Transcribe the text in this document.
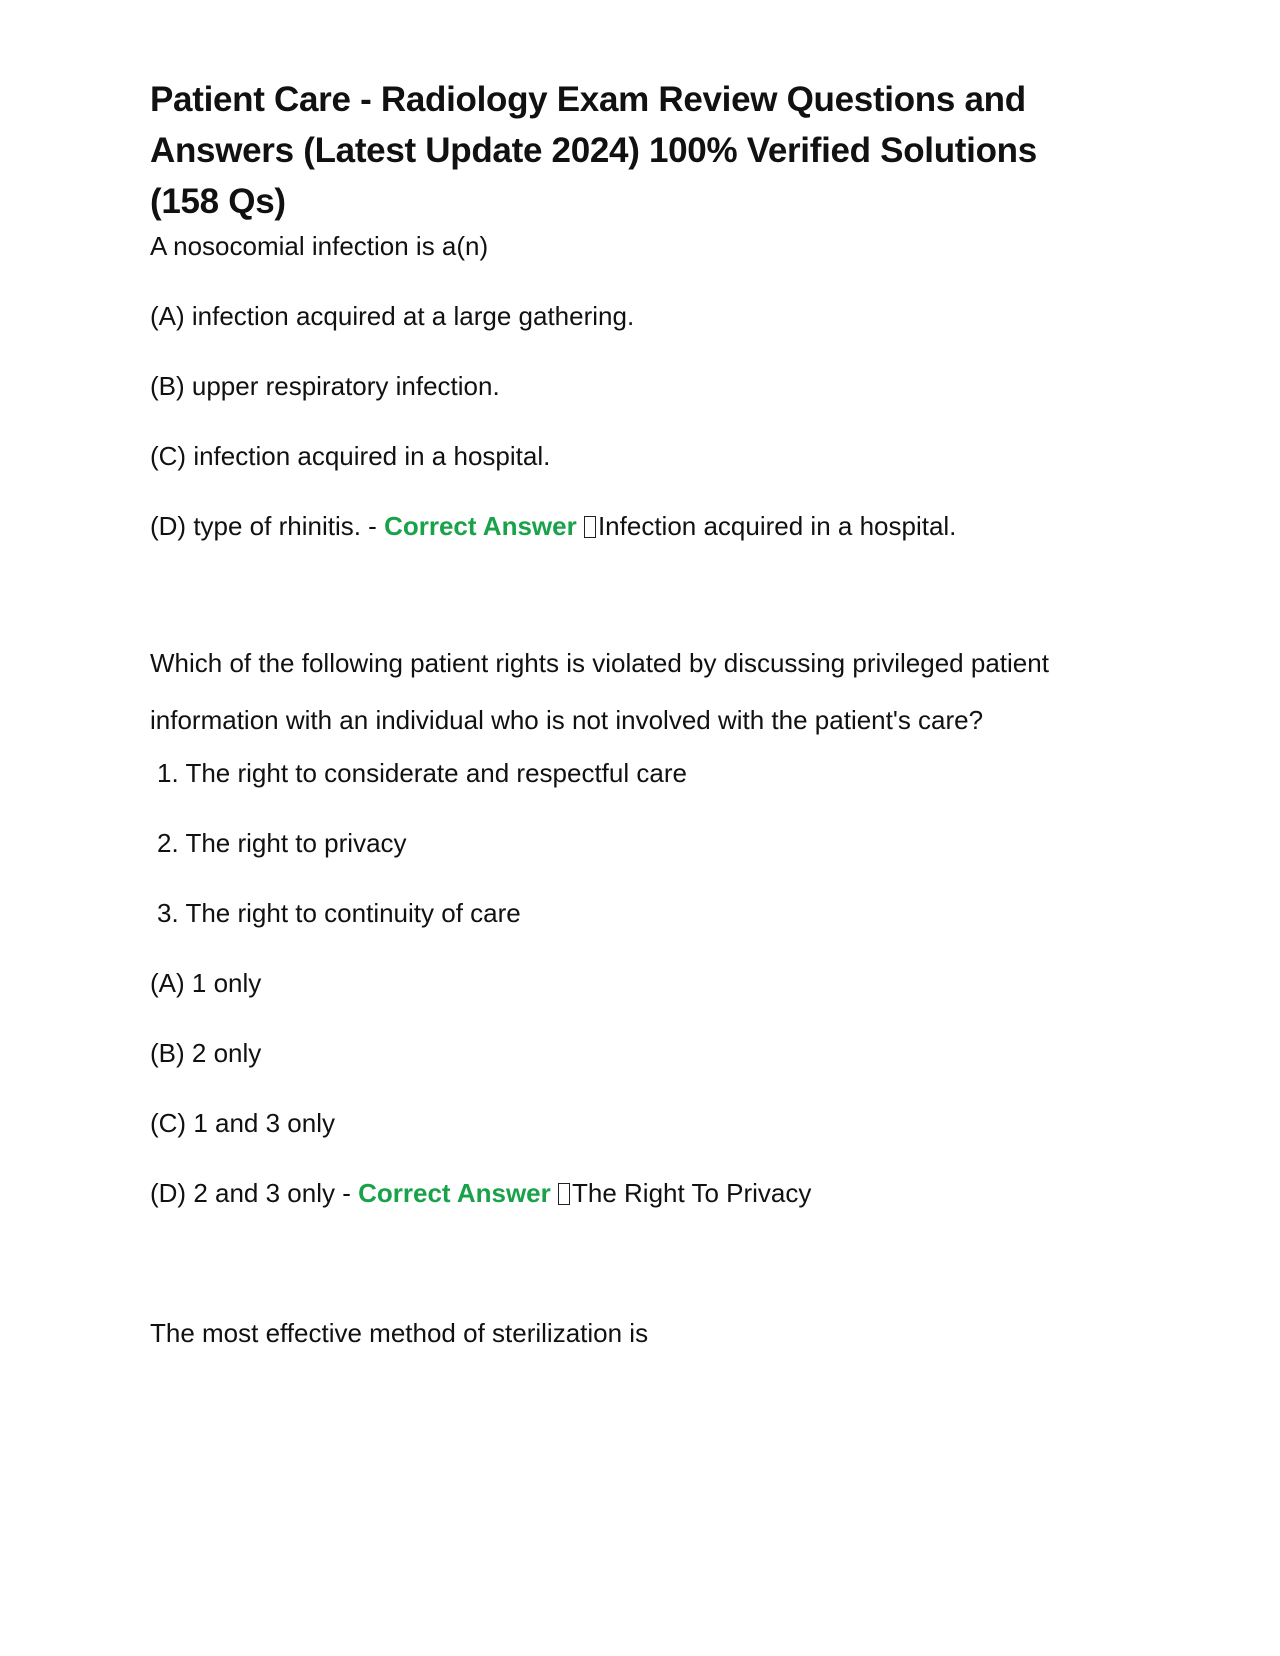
Patient Care - Radiology Exam Review Questions and Answers (Latest Update 2024) 100% Verified Solutions (158 Qs)

A nosocomial infection is a(n)

(A) infection acquired at a large gathering.

(B) upper respiratory infection.

(C) infection acquired in a hospital.

(D) type of rhinitis. - Correct Answer Infection acquired in a hospital.

Which of the following patient rights is violated by discussing privileged patient information with an individual who is not involved with the patient's care?

1. The right to considerate and respectful care

2. The right to privacy

3. The right to continuity of care

(A) 1 only

(B) 2 only

(C) 1 and 3 only

(D) 2 and 3 only - Correct Answer The Right To Privacy

The most effective method of sterilization is
